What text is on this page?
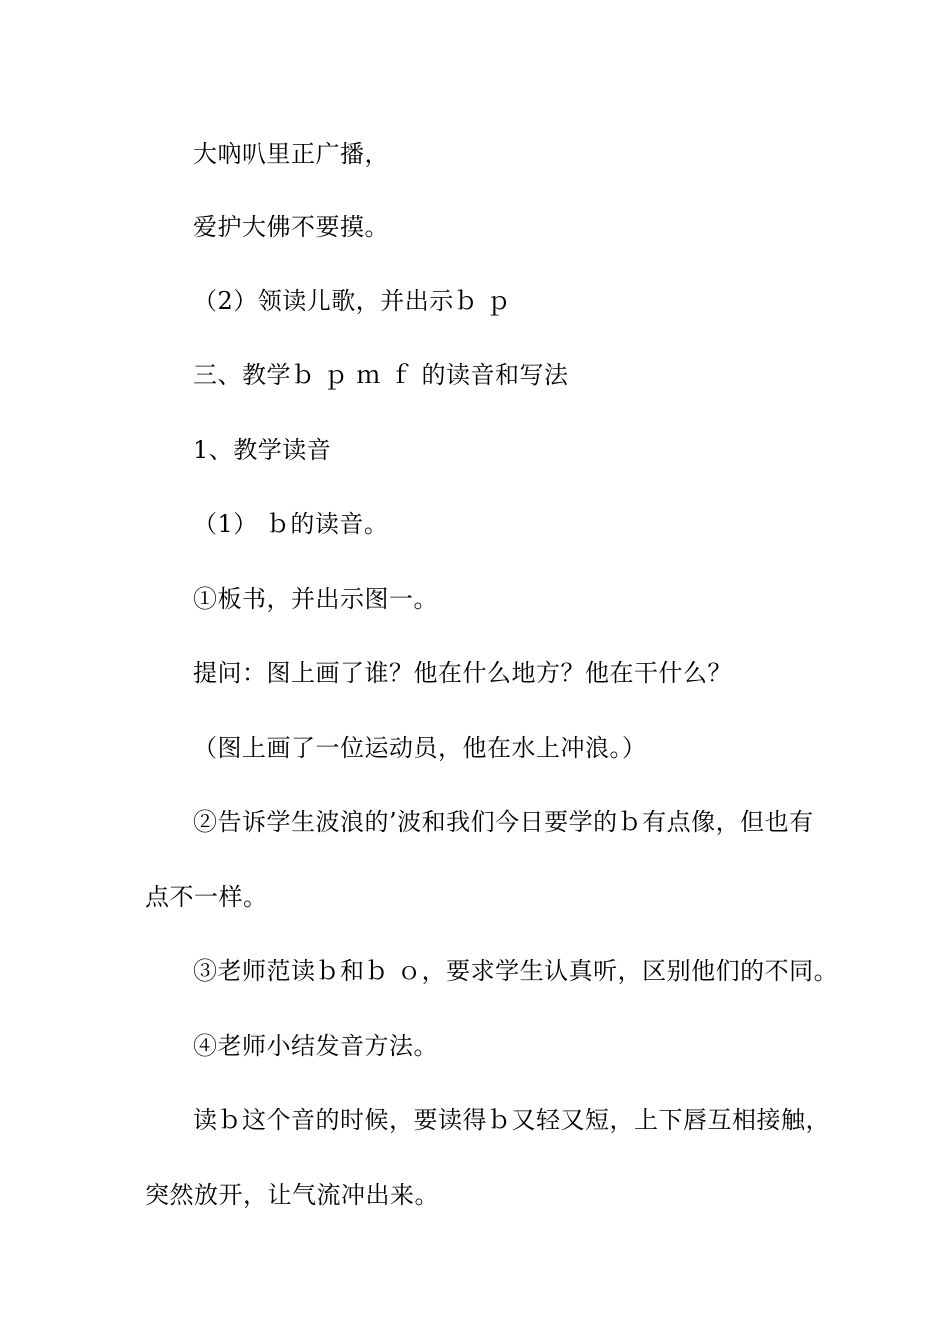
大吶叭里正广播，
爱护大佛不要摸。
（2）领读儿歌，并出示ｂ ｐ
三、教学ｂ ｐ ｍ ｆ 的读音和写法
1、教学读音
（1） ｂ的读音。
①板书，并出示图一。
提问：图上画了谁？他在什么地方？他在干什么？
（图上画了一位运动员，他在水上冲浪。）
②告诉学生波浪的’波和我们今日要学的ｂ有点像，但也有
点不一样。
③老师范读ｂ和ｂ ｏ，要求学生认真听，区别他们的不同。
④老师小结发音方法。
读ｂ这个音的时候，要读得ｂ又轻又短，上下唇互相接触，
突然放开，让气流冲出来。
